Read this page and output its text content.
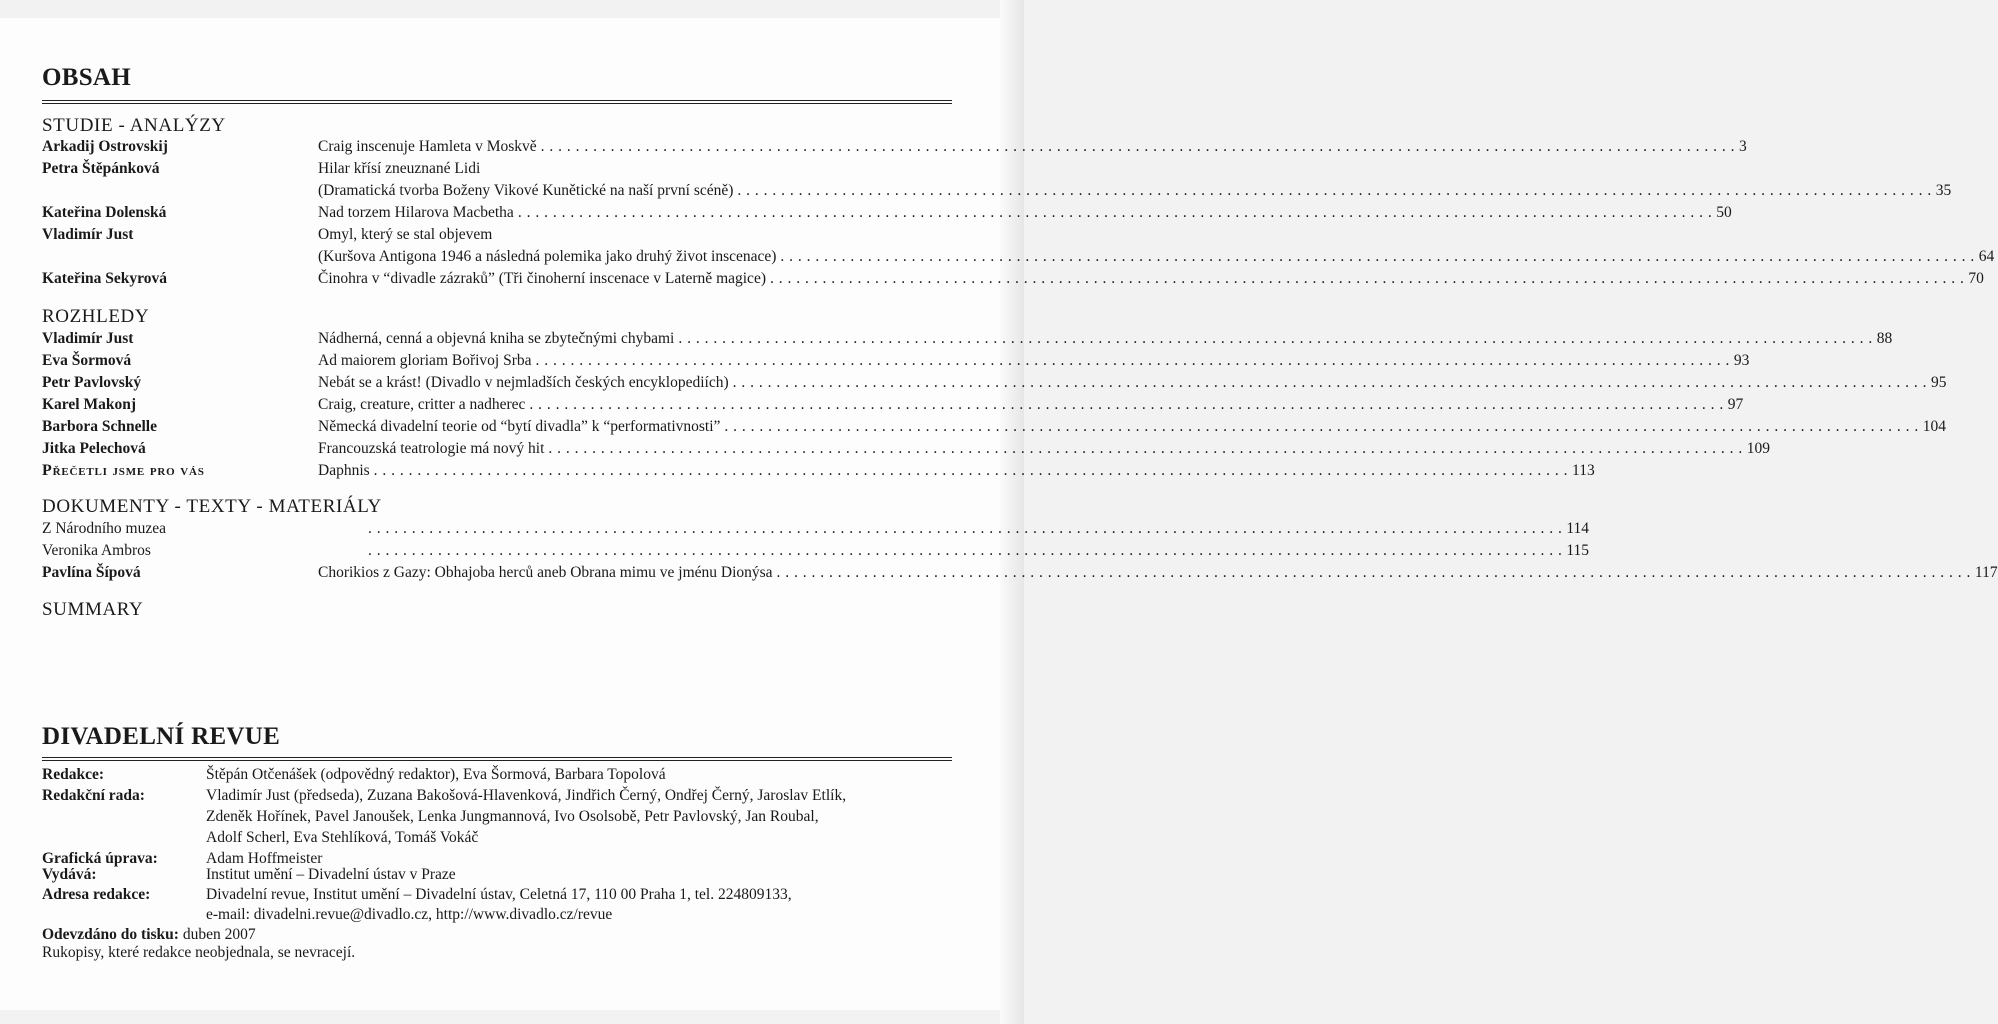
OBSAH
STUDIE - ANALÝZY
Arkadij Ostrovskij	Craig inscenuje Hamleta v Moskvě . . .	3
Petra Štěpánková	Hilar křísí zneuznané Lidi
(Dramatická tvorba Boženy Vikové Kunětické na naší první scéně) . . .	35
Kateřina Dolenská	Nad torzem Hilarova Macbetha . . .	50
Vladimír Just	Omyl, který se stal objevem
(Kuršova Antigona 1946 a následná polemika jako druhý život inscenace) . . .	64
Kateřina Sekyrová	Činohra v “divadle zázraků” (Tři činoherní inscenace v Laterně magice) . . .	70
ROZHLEDY
Vladimír Just	Nádherná, cenná a objevná kniha se zbytečnými chybami . . .	88
Eva Šormová	Ad maiorem gloriam Bořivoj Srba . . .	93
Petr Pavlovský	Nebát se a krást! (Divadlo v nejmladších českých encyklopediích) . . .	95
Karel Makonj	Craig, creature, critter a nadherec . . .	97
Barbora Schnelle	Německá divadelní teorie od “bytí divadla” k “performativnosti” . . .	104
Jitka Pelechová	Francouzská teatrologie má nový hit . . .	109
Přečetli jsme pro vás	Daphnis . . .	113
DOKUMENTY - TEXTY - MATERIÁLY
Z Národního muzea . . .	114
Veronika Ambros . . .	115
Pavlína Šípová	Chorikios z Gazy: Obhajoba herců aneb Obrana mimu ve jménu Dionýsa . . .	117
SUMMARY
DIVADELNÍ REVUE
Redakce:	Štěpán Otčenášek (odpovědný redaktor), Eva Šormová, Barbara Topolová
Redakční rada:	Vladimír Just (předseda), Zuzana Bakošová-Hlavenková, Jindřich Černý, Ondřej Černý, Jaroslav Etlík,
Zdeněk Hořínek, Pavel Janoušek, Lenka Jungmannová, Ivo Osolsobě, Petr Pavlovský, Jan Roubal,
Adolf Scherl, Eva Stehlíková, Tomáš Vokáč
Grafická úprava:	Adam Hoffmeister
Vydává:	Institut umění – Divadelní ústav v Praze
Adresa redakce:	Divadelní revue, Institut umění – Divadelní ústav, Celetná 17, 110 00 Praha 1, tel. 224809133,
e-mail: divadelni.revue@divadlo.cz, http://www.divadlo.cz/revue
Odevzdáno do tisku: duben 2007
Rukopisy, které redakce neobjednala, se nevracejí.
